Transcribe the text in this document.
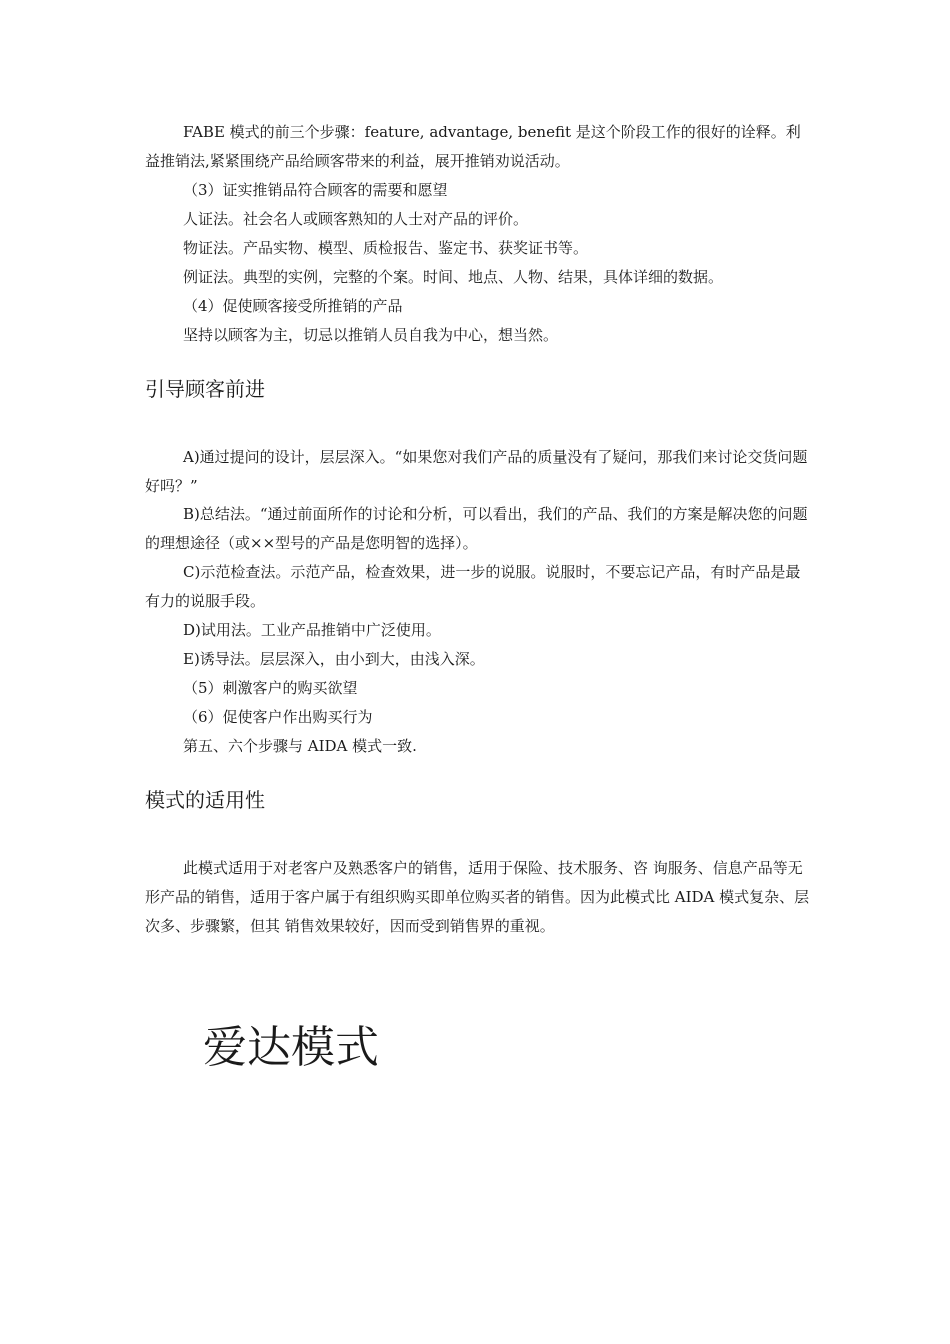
FABE 模式的前三个步骤：feature, advantage, benefit 是这个阶段工作的很好的诠释。利益推销法,紧紧围绕产品给顾客带来的利益，展开推销劝说活动。

（3）证实推销品符合顾客的需要和愿望

人证法。社会名人或顾客熟知的人士对产品的评价。

物证法。产品实物、模型、质检报告、鉴定书、获奖证书等。

例证法。典型的实例，完整的个案。时间、地点、人物、结果，具体详细的数据。

（4）促使顾客接受所推销的产品

坚持以顾客为主，切忌以推销人员自我为中心，想当然。

引导顾客前进

A)通过提问的设计，层层深入。“如果您对我们产品的质量没有了疑问，那我们来讨论交货问题好吗？”

B)总结法。“通过前面所作的讨论和分析，可以看出，我们的产品、我们的方案是解决您的问题的理想途径（或××型号的产品是您明智的选择）。

C)示范检查法。示范产品，检查效果，进一步的说服。说服时，不要忘记产品，有时产品是最有力的说服手段。

D)试用法。工业产品推销中广泛使用。

E)诱导法。层层深入，由小到大，由浅入深。

（5）刺激客户的购买欲望

（6）促使客户作出购买行为

第五、六个步骤与 AIDA 模式一致.

模式的适用性

此模式适用于对老客户及熟悉客户的销售，适用于保险、技术服务、咨 询服务、信息产品等无形产品的销售，适用于客户属于有组织购买即单位购买者的销售。因为此模式比 AIDA 模式复杂、层次多、步骤繁，但其 销售效果较好，因而受到销售界的重视。

爱达模式
